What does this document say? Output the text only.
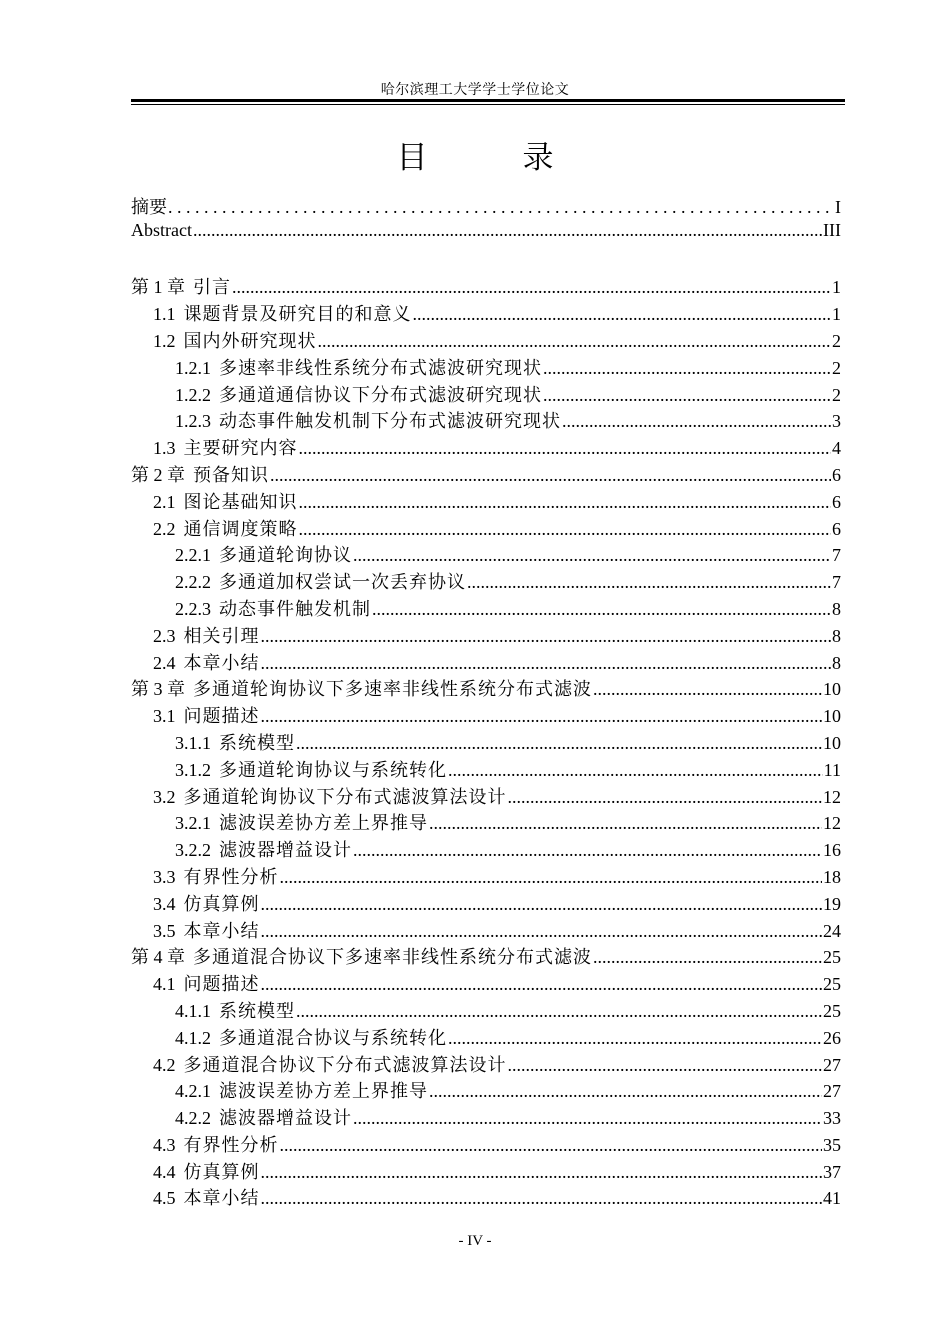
哈尔滨理工大学学士学位论文
目　录
摘要 . . .	I
Abstract .....	III
第 1 章 引言 .....	1
1.1 课题背景及研究目的和意义 .....	1
1.2 国内外研究现状 .....	2
1.2.1 多速率非线性系统分布式滤波研究现状 .....	2
1.2.2 多通道通信协议下分布式滤波研究现状 .....	2
1.2.3 动态事件触发机制下分布式滤波研究现状 .....	3
1.3 主要研究内容 .....	4
第 2 章 预备知识 .....	6
2.1 图论基础知识 .....	6
2.2 通信调度策略 .....	6
2.2.1 多通道轮询协议 .....	7
2.2.2 多通道加权尝试一次丢弃协议 .....	7
2.2.3 动态事件触发机制 .....	8
2.3 相关引理 .....	8
2.4 本章小结 .....	8
第 3 章 多通道轮询协议下多速率非线性系统分布式滤波 .....	10
3.1 问题描述 .....	10
3.1.1 系统模型 .....	10
3.1.2 多通道轮询协议与系统转化 .....	11
3.2 多通道轮询协议下分布式滤波算法设计 .....	12
3.2.1 滤波误差协方差上界推导 .....	12
3.2.2 滤波器增益设计 .....	16
3.3 有界性分析 .....	18
3.4 仿真算例 .....	19
3.5 本章小结 .....	24
第 4 章 多通道混合协议下多速率非线性系统分布式滤波 .....	25
4.1 问题描述 .....	25
4.1.1 系统模型 .....	25
4.1.2 多通道混合协议与系统转化 .....	26
4.2 多通道混合协议下分布式滤波算法设计 .....	27
4.2.1 滤波误差协方差上界推导 .....	27
4.2.2 滤波器增益设计 .....	33
4.3 有界性分析 .....	35
4.4 仿真算例 .....	37
4.5 本章小结 .....	41
- IV -
